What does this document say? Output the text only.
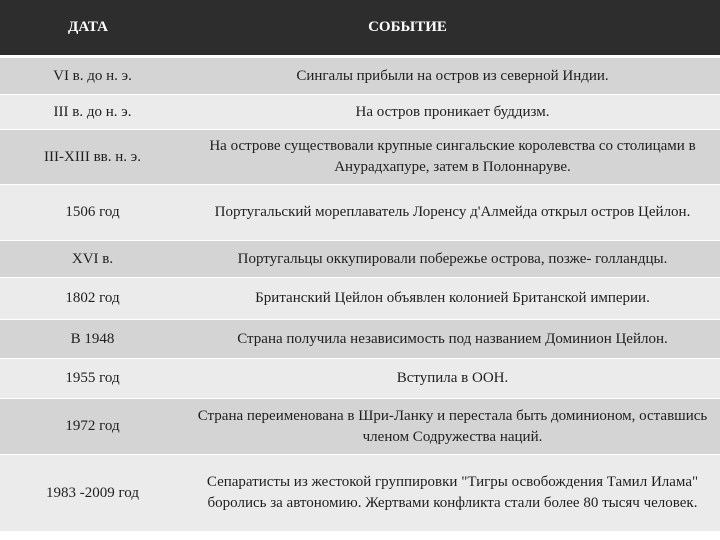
ДАТА	СОБЫТИЕ
VI в. до н. э.	Сингалы прибыли на остров из северной Индии.
III в. до н. э.	На остров проникает буддизм.
III-XIII вв. н. э.	На острове существовали крупные сингальские королевства со столицами в Анурадхапуре, затем в Полоннаруве.
1506 год	Португальский мореплаватель Лоренсу д'Алмейда открыл остров Цейлон.
XVI в.	Португальцы оккупировали побережье острова, позже- голландцы.
1802 год	Британский Цейлон объявлен колонией Британской империи.
В 1948	Страна получила независимость под названием Доминион Цейлон.
1955 год	Вступила в ООН.
1972 год	Страна переименована в Шри-Ланку и перестала быть доминионом, оставшись членом Содружества наций.
1983 -2009 год	Сепаратисты из жестокой группировки "Тигры освобождения Тамил Илама" боролись за автономию. Жертвами конфликта стали более 80 тысяч человек.
